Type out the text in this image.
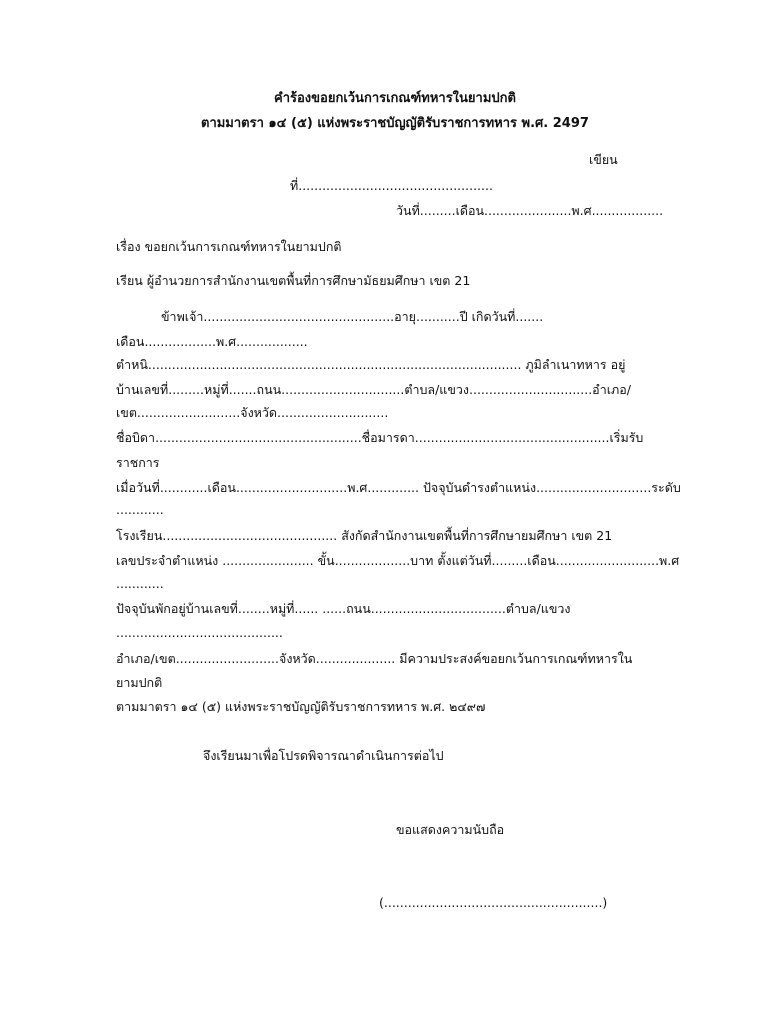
คำร้องขอยกเว้นการเกณฑ์ทหารในยามปกติ
ตามมาตรา ๑๔ (๕) แห่งพระราชบัญญัติรับราชการทหาร พ.ศ. 2497
เขียน
ที่.................................................
วันที่.........เดือน......................พ.ศ..................
เรื่อง ขอยกเว้นการเกณฑ์ทหารในยามปกติ
เรียน ผู้อำนวยการสำนักงานเขตพื้นที่การศึกษามัธยมศึกษา เขต 21
ข้าพเจ้า................................................อายุ...........ปี เกิดวันที่.......
เดือน..................พ.ศ..................
ตำหนิ.............................................................................................. ภูมิลำเนาทหาร อยู่
บ้านเลขที่.........หมู่ที่.......ถนน...............................ตำบล/แขวง...............................อำเภอ/
เขต..........................จังหวัด............................
ชื่อบิดา....................................................ชื่อมารดา.................................................เริ่มรับ
ราชการ
เมื่อวันที่............เดือน............................พ.ศ............. ปัจจุบันดำรงตำแหน่ง.............................ระดับ
............
โรงเรียน............................................ สังกัดสำนักงานเขตพื้นที่การศึกษายมศึกษา เขต 21
เลขประจำตำแหน่ง ....................... ขั้น...................บาท ตั้งแต่วันที่.........เดือน..........................พ.ศ
............
ปัจจุบันพักอยู่บ้านเลขที่........หมู่ที่...... ......ถนน..................................ตำบล/แขวง
..........................................
อำเภอ/เขต..........................จังหวัด.................... มีความประสงค์ขอยกเว้นการเกณฑ์ทหารใน
ยามปกติ
ตามมาตรา ๑๔ (๕) แห่งพระราชบัญญัติรับราชการทหาร พ.ศ. ๒๔๙๗
จึงเรียนมาเพื่อโปรดพิจารณาดำเนินการต่อไป
ขอแสดงความนับถือ
(.......................................................)
